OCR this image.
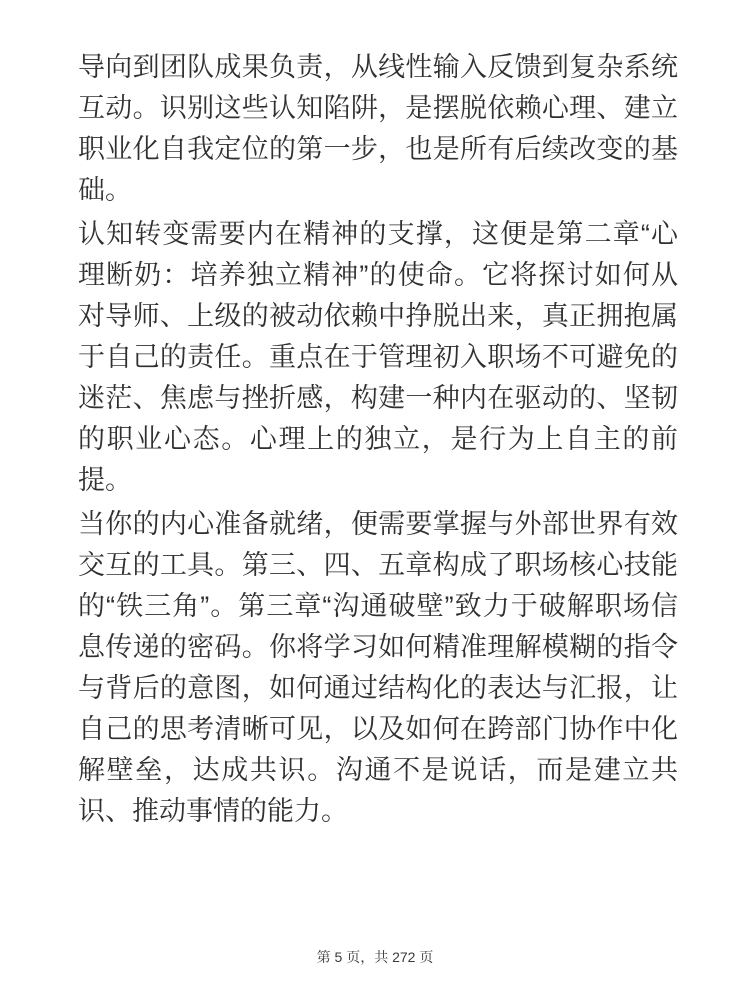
导向到团队成果负责，从线性输入反馈到复杂系统互动。识别这些认知陷阱，是摆脱依赖心理、建立职业化自我定位的第一步，也是所有后续改变的基础。

认知转变需要内在精神的支撑，这便是第二章“心理断奶：培养独立精神”的使命。它将探讨如何从对导师、上级的被动依赖中挣脱出来，真正拥抱属于自己的责任。重点在于管理初入职场不可避免的迷茫、焦虑与挫折感，构建一种内在驱动的、坚韧的职业心态。心理上的独立，是行为上自主的前提。

当你的内心准备就绪，便需要掌握与外部世界有效交互的工具。第三、四、五章构成了职场核心技能的“铁三角”。第三章“沟通破壁”致力于破解职场信息传递的密码。你将学习如何精准理解模糊的指令与背后的意图，如何通过结构化的表达与汇报，让自己的思考清晰可见，以及如何在跨部门协作中化解壁垒，达成共识。沟通不是说话，而是建立共识、推动事情的能力。

第 5 页，共 272 页
